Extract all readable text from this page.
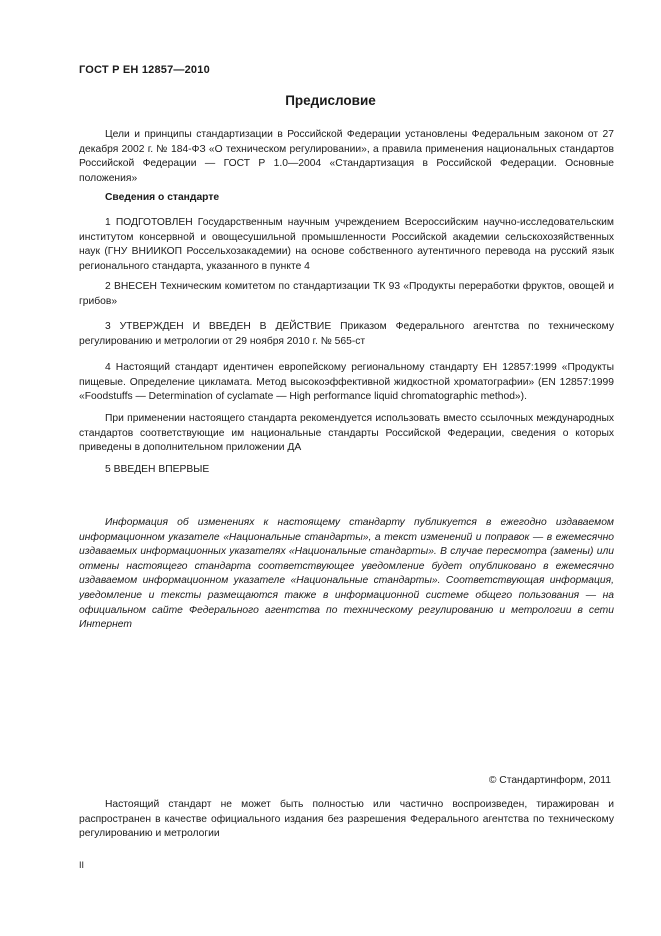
ГОСТ Р ЕН 12857—2010
Предисловие

Цели и принципы стандартизации в Российской Федерации установлены Федеральным законом от 27 декабря 2002 г. № 184-ФЗ «О техническом регулировании», а правила применения национальных стандартов Российской Федерации — ГОСТ Р 1.0—2004 «Стандартизация в Российской Федерации. Основные положения»

Сведения о стандарте

1 ПОДГОТОВЛЕН Государственным научным учреждением Всероссийским научно-исследовательским институтом консервной и овощесушильной промышленности Российской академии сельскохозяйственных наук (ГНУ ВНИИКОП Россельхозакадемии) на основе собственного аутентичного перевода на русский язык регионального стандарта, указанного в пункте 4

2 ВНЕСЕН Техническим комитетом по стандартизации ТК 93 «Продукты переработки фруктов, овощей и грибов»

3 УТВЕРЖДЕН И ВВЕДЕН В ДЕЙСТВИЕ Приказом Федерального агентства по техническому регулированию и метрологии от 29 ноября 2010 г. № 565-ст

4 Настоящий стандарт идентичен европейскому региональному стандарту ЕН 12857:1999 «Продукты пищевые. Определение цикламата. Метод высокоэффективной жидкостной хроматографии» (EN 12857:1999 «Foodstuffs — Determination of cyclamate — High performance liquid chromatographic method»).

При применении настоящего стандарта рекомендуется использовать вместо ссылочных международных стандартов соответствующие им национальные стандарты Российской Федерации, сведения о которых приведены в дополнительном приложении ДА

5 ВВЕДЕН ВПЕРВЫЕ

Информация об изменениях к настоящему стандарту публикуется в ежегодно издаваемом информационном указателе «Национальные стандарты», а текст изменений и поправок — в ежемесячно издаваемых информационных указателях «Национальные стандарты». В случае пересмотра (замены) или отмены настоящего стандарта соответствующее уведомление будет опубликовано в ежемесячно издаваемом информационном указателе «Национальные стандарты». Соответствующая информация, уведомление и тексты размещаются также в информационной системе общего пользования — на официальном сайте Федерального агентства по техническому регулированию и метрологии в сети Интернет

© Стандартинформ, 2011

Настоящий стандарт не может быть полностью или частично воспроизведен, тиражирован и распространен в качестве официального издания без разрешения Федерального агентства по техническому регулированию и метрологии

II
